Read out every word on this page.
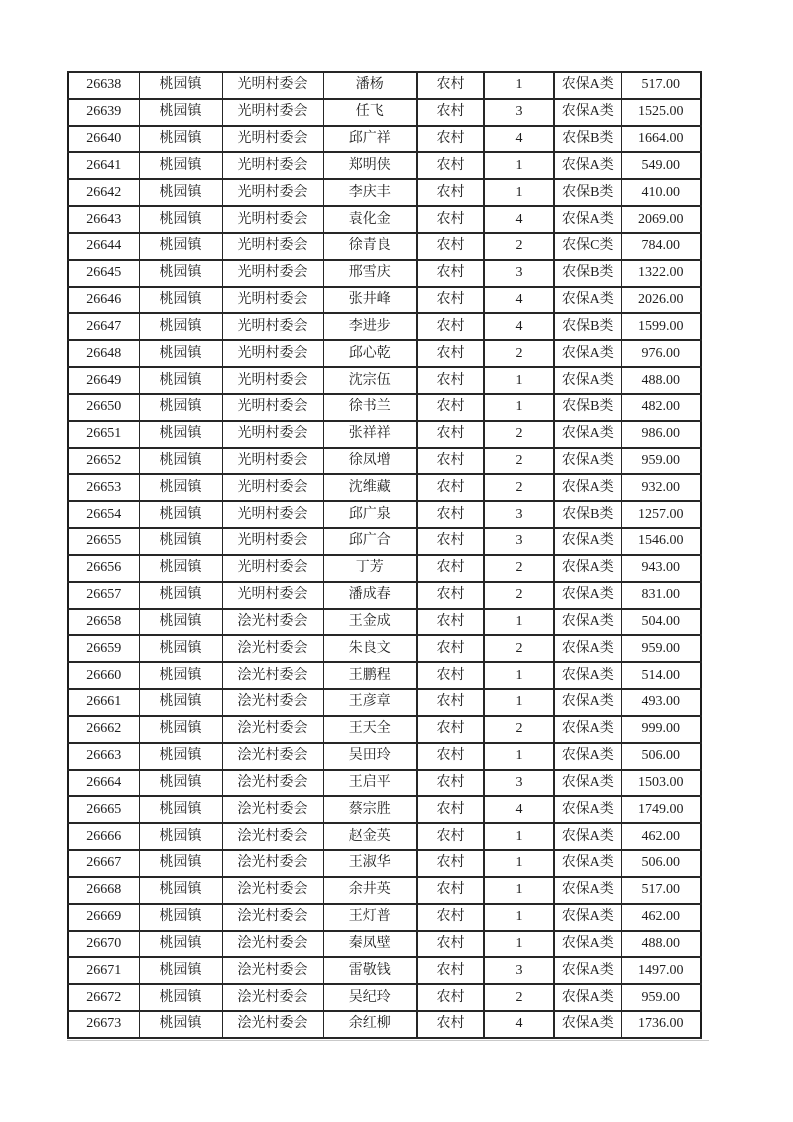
26638	桃园镇	光明村委会	潘杨	农村	1	农保A类	517.00
26639	桃园镇	光明村委会	任飞	农村	3	农保A类	1525.00
26640	桃园镇	光明村委会	邱广祥	农村	4	农保B类	1664.00
26641	桃园镇	光明村委会	郑明侠	农村	1	农保A类	549.00
26642	桃园镇	光明村委会	李庆丰	农村	1	农保B类	410.00
26643	桃园镇	光明村委会	袁化金	农村	4	农保A类	2069.00
26644	桃园镇	光明村委会	徐青良	农村	2	农保C类	784.00
26645	桃园镇	光明村委会	邢雪庆	农村	3	农保B类	1322.00
26646	桃园镇	光明村委会	张井峰	农村	4	农保A类	2026.00
26647	桃园镇	光明村委会	李进步	农村	4	农保B类	1599.00
26648	桃园镇	光明村委会	邱心乾	农村	2	农保A类	976.00
26649	桃园镇	光明村委会	沈宗伍	农村	1	农保A类	488.00
26650	桃园镇	光明村委会	徐书兰	农村	1	农保B类	482.00
26651	桃园镇	光明村委会	张祥祥	农村	2	农保A类	986.00
26652	桃园镇	光明村委会	徐凤增	农村	2	农保A类	959.00
26653	桃园镇	光明村委会	沈维藏	农村	2	农保A类	932.00
26654	桃园镇	光明村委会	邱广泉	农村	3	农保B类	1257.00
26655	桃园镇	光明村委会	邱广合	农村	3	农保A类	1546.00
26656	桃园镇	光明村委会	丁芳	农村	2	农保A类	943.00
26657	桃园镇	光明村委会	潘成春	农村	2	农保A类	831.00
26658	桃园镇	浍光村委会	王金成	农村	1	农保A类	504.00
26659	桃园镇	浍光村委会	朱良文	农村	2	农保A类	959.00
26660	桃园镇	浍光村委会	王鹏程	农村	1	农保A类	514.00
26661	桃园镇	浍光村委会	王彦章	农村	1	农保A类	493.00
26662	桃园镇	浍光村委会	王天全	农村	2	农保A类	999.00
26663	桃园镇	浍光村委会	吴田玲	农村	1	农保A类	506.00
26664	桃园镇	浍光村委会	王启平	农村	3	农保A类	1503.00
26665	桃园镇	浍光村委会	蔡宗胜	农村	4	农保A类	1749.00
26666	桃园镇	浍光村委会	赵金英	农村	1	农保A类	462.00
26667	桃园镇	浍光村委会	王淑华	农村	1	农保A类	506.00
26668	桃园镇	浍光村委会	余井英	农村	1	农保A类	517.00
26669	桃园镇	浍光村委会	王灯普	农村	1	农保A类	462.00
26670	桃园镇	浍光村委会	秦凤壁	农村	1	农保A类	488.00
26671	桃园镇	浍光村委会	雷敬钱	农村	3	农保A类	1497.00
26672	桃园镇	浍光村委会	吴纪玲	农村	2	农保A类	959.00
26673	桃园镇	浍光村委会	余红柳	农村	4	农保A类	1736.00
